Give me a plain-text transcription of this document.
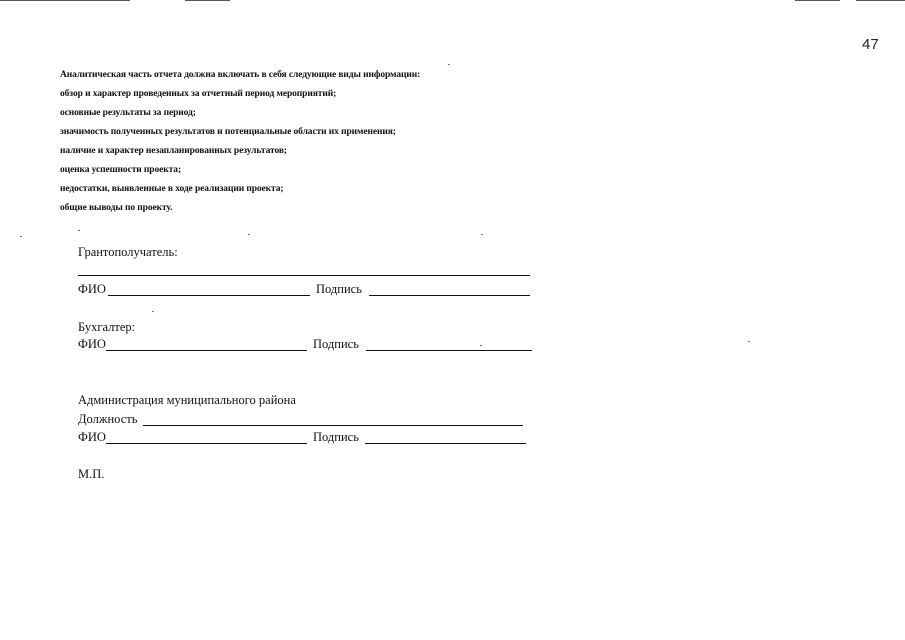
47

Аналитическая часть отчета должна включать в себя следующие виды информации:

обзор и характер проведенных за отчетный период мероприятий;

основные результаты за период;

значимость полученных результатов и потенциальные области их применения;

наличие и характер незапланированных результатов;

оценка успешности проекта;

недостатки, выявленные в ходе реализации проекта;

общие выводы по проекту.

Грантополучатель:
ФИО	Подпись
Бухгалтер:
ФИО	Подпись
Администрация муниципального района
Должность
ФИО	Подпись
М.П.
